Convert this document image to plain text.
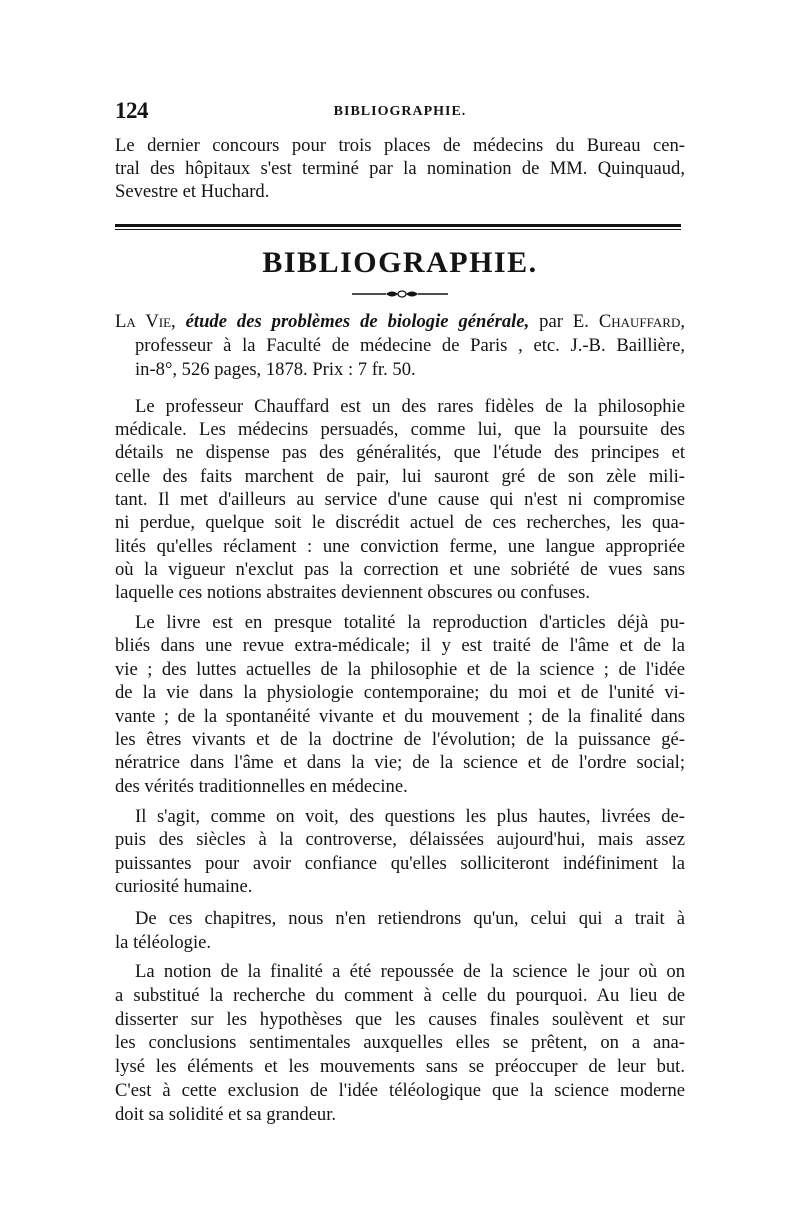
124	BIBLIOGRAPHIE.
Le dernier concours pour trois places de médecins du Bureau cen-
tral des hôpitaux s'est terminé par la nomination de MM. Quinquaud,
Sevestre et Huchard.
BIBLIOGRAPHIE.
La Vie, étude des problèmes de biologie générale, par E. Chauffard,
professeur à la Faculté de médecine de Paris , etc. J.-B. Baillière,
in-8°, 526 pages, 1878. Prix : 7 fr. 50.
Le professeur Chauffard est un des rares fidèles de la philosophie
médicale. Les médecins persuadés, comme lui, que la poursuite des
détails ne dispense pas des généralités, que l'étude des principes et
celle des faits marchent de pair, lui sauront gré de son zèle mili-
tant. Il met d'ailleurs au service d'une cause qui n'est ni compromise
ni perdue, quelque soit le discrédit actuel de ces recherches, les qua-
lités qu'elles réclament : une conviction ferme, une langue appropriée
où la vigueur n'exclut pas la correction et une sobriété de vues sans
laquelle ces notions abstraites deviennent obscures ou confuses.
Le livre est en presque totalité la reproduction d'articles déjà pu-
bliés dans une revue extra-médicale; il y est traité de l'âme et de la
vie ; des luttes actuelles de la philosophie et de la science ; de l'idée
de la vie dans la physiologie contemporaine; du moi et de l'unité vi-
vante ; de la spontanéité vivante et du mouvement ; de la finalité dans
les êtres vivants et de la doctrine de l'évolution; de la puissance gé-
nératrice dans l'âme et dans la vie; de la science et de l'ordre social;
des vérités traditionnelles en médecine.
Il s'agit, comme on voit, des questions les plus hautes, livrées de-
puis des siècles à la controverse, délaissées aujourd'hui, mais assez
puissantes pour avoir confiance qu'elles solliciteront indéfiniment la
curiosité humaine.
De ces chapitres, nous n'en retiendrons qu'un, celui qui a trait à
la téléologie.
La notion de la finalité a été repoussée de la science le jour où on
a substitué la recherche du comment à celle du pourquoi. Au lieu de
disserter sur les hypothèses que les causes finales soulèvent et sur
les conclusions sentimentales auxquelles elles se prêtent, on a ana-
lysé les éléments et les mouvements sans se préoccuper de leur but.
C'est à cette exclusion de l'idée téléologique que la science moderne
doit sa solidité et sa grandeur.
